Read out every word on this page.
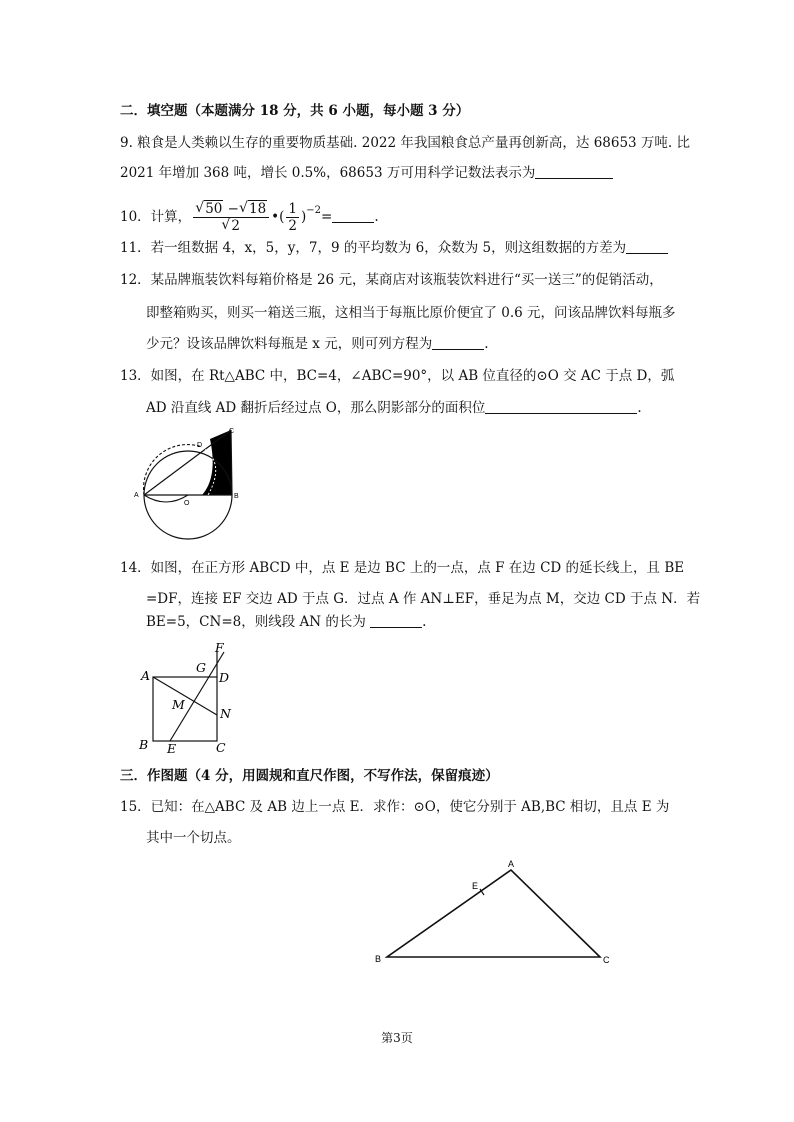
二．填空题（本题满分 18 分，共 6 小题，每小题 3 分）
9. 粮食是人类赖以生存的重要物质基础. 2022 年我国粮食总产量再创新高，达 68653 万吨. 比
2021 年增加 368 吨，增长 0.5%，68653 万可用科学记数法表示为
10．计算， $\frac{√ 50 - √ 18}{√ 2}$ •( $\frac{1}{2} )^{-2}=$	.
11．若一组数据 4，x，5，y，7，9 的平均数为 6，众数为 5，则这组数据的方差为
12．某品牌瓶装饮料每箱价格是 26 元，某商店对该瓶装饮料进行“买一送三”的促销活动，
即整箱购买，则买一箱送三瓶，这相当于每瓶比原价便宜了 0.6 元，问该品牌饮料每瓶多
少元？设该品牌饮料每瓶是 x 元，则可列方程为	.
13．如图，在 Rt△ABC 中，BC=4，∠ABC=90°，以 AB 位直径的⊙O 交 AC 于点 D，弧
AD 沿直线 AD 翻折后经过点 O，那么阴影部分的面积位	.
A	B
C
D
O
14．如图，在正方形 ABCD 中，点 E 是边 BC 上的一点，点 F 在边 CD 的延长线上，且 BE
=DF，连接 EF 交边 AD 于点 G．过点 A 作 AN⊥EF，垂足为点 M，交边 CD 于点 N．若
BE=5，CN=8，则线段 AN 的长为	.
A
B	C
D
E
F
G
M
N
三．作图题（4 分，用圆规和直尺作图，不写作法，保留痕迹）
15．已知：在△ABC 及 AB 边上一点 E．求作：⊙O，使它分别于 AB,BC 相切，且点 E 为
其中一个切点。
A
B	C
E
第3页
